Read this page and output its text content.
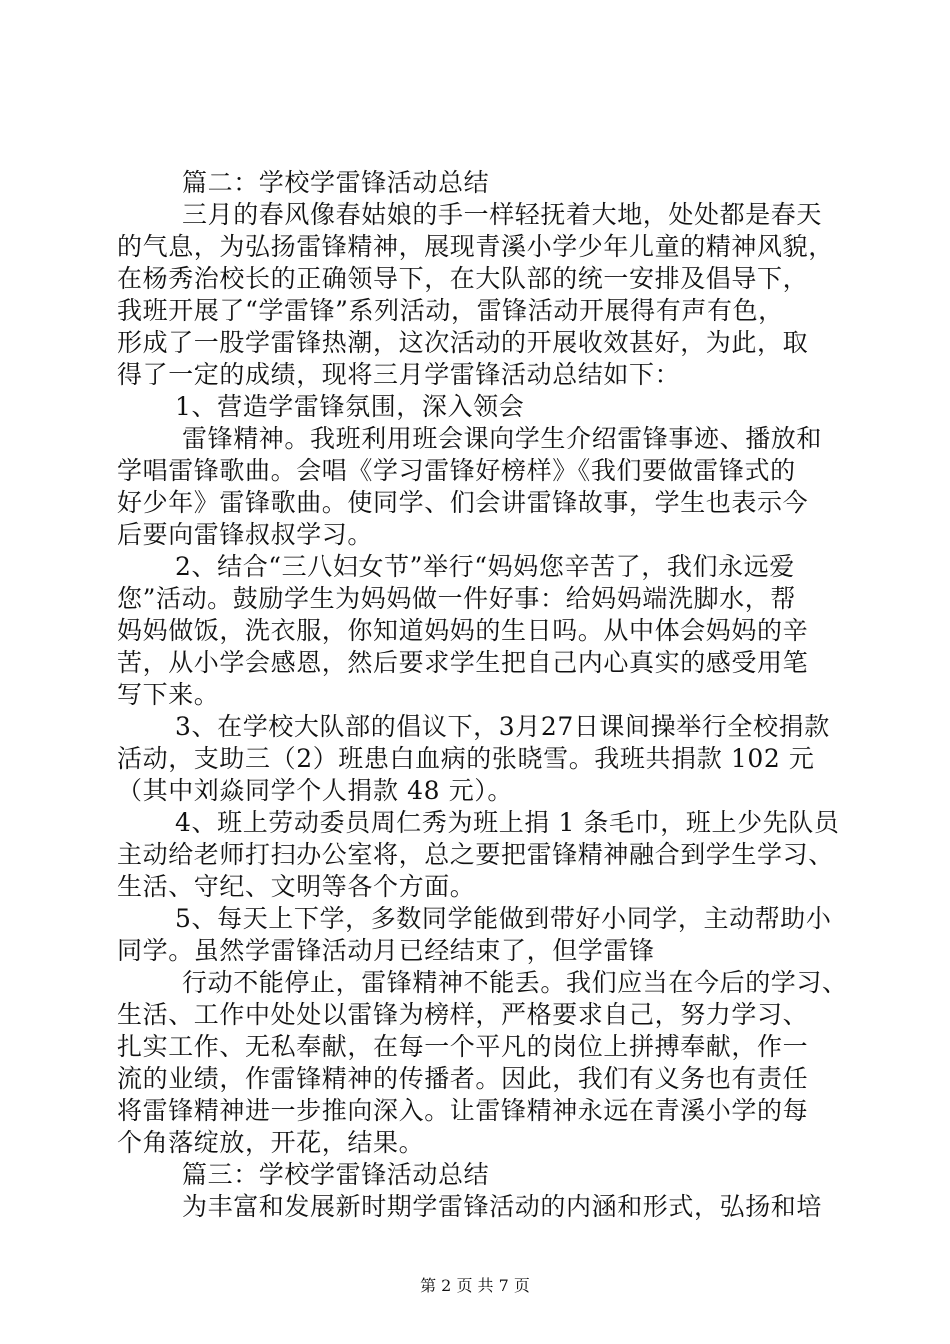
篇二：学校学雷锋活动总结
三月的春风像春姑娘的手一样轻抚着大地，处处都是春天
的气息，为弘扬雷锋精神，展现青溪小学少年儿童的精神风貌，
在杨秀治校长的正确领导下，在大队部的统一安排及倡导下，
我班开展了“学雷锋”系列活动，雷锋活动开展得有声有色，
形成了一股学雷锋热潮，这次活动的开展收效甚好，为此，取
得了一定的成绩，现将三月学雷锋活动总结如下：
1、营造学雷锋氛围，深入领会
雷锋精神。我班利用班会课向学生介绍雷锋事迹、播放和
学唱雷锋歌曲。会唱《学习雷锋好榜样》《我们要做雷锋式的
好少年》雷锋歌曲。使同学、们会讲雷锋故事，学生也表示今
后要向雷锋叔叔学习。
2、结合“三八妇女节”举行“妈妈您辛苦了，我们永远爱
您”活动。鼓励学生为妈妈做一件好事：给妈妈端洗脚水，帮
妈妈做饭，洗衣服，你知道妈妈的生日吗。从中体会妈妈的辛
苦，从小学会感恩，然后要求学生把自己内心真实的感受用笔
写下来。
3、在学校大队部的倡议下，3月27日课间操举行全校捐款
活动，支助三（2）班患白血病的张晓雪。我班共捐款 102 元
（其中刘焱同学个人捐款 48 元）。
4、班上劳动委员周仁秀为班上捐 1 条毛巾，班上少先队员
主动给老师打扫办公室将，总之要把雷锋精神融合到学生学习、
生活、守纪、文明等各个方面。
5、每天上下学，多数同学能做到带好小同学，主动帮助小
同学。虽然学雷锋活动月已经结束了，但学雷锋
行动不能停止，雷锋精神不能丢。我们应当在今后的学习、
生活、工作中处处以雷锋为榜样，严格要求自己，努力学习、
扎实工作、无私奉献，在每一个平凡的岗位上拼搏奉献，作一
流的业绩，作雷锋精神的传播者。因此，我们有义务也有责任
将雷锋精神进一步推向深入。让雷锋精神永远在青溪小学的每
个角落绽放，开花，结果。
篇三：学校学雷锋活动总结
为丰富和发展新时期学雷锋活动的内涵和形式，弘扬和培
第 2 页 共 7 页
